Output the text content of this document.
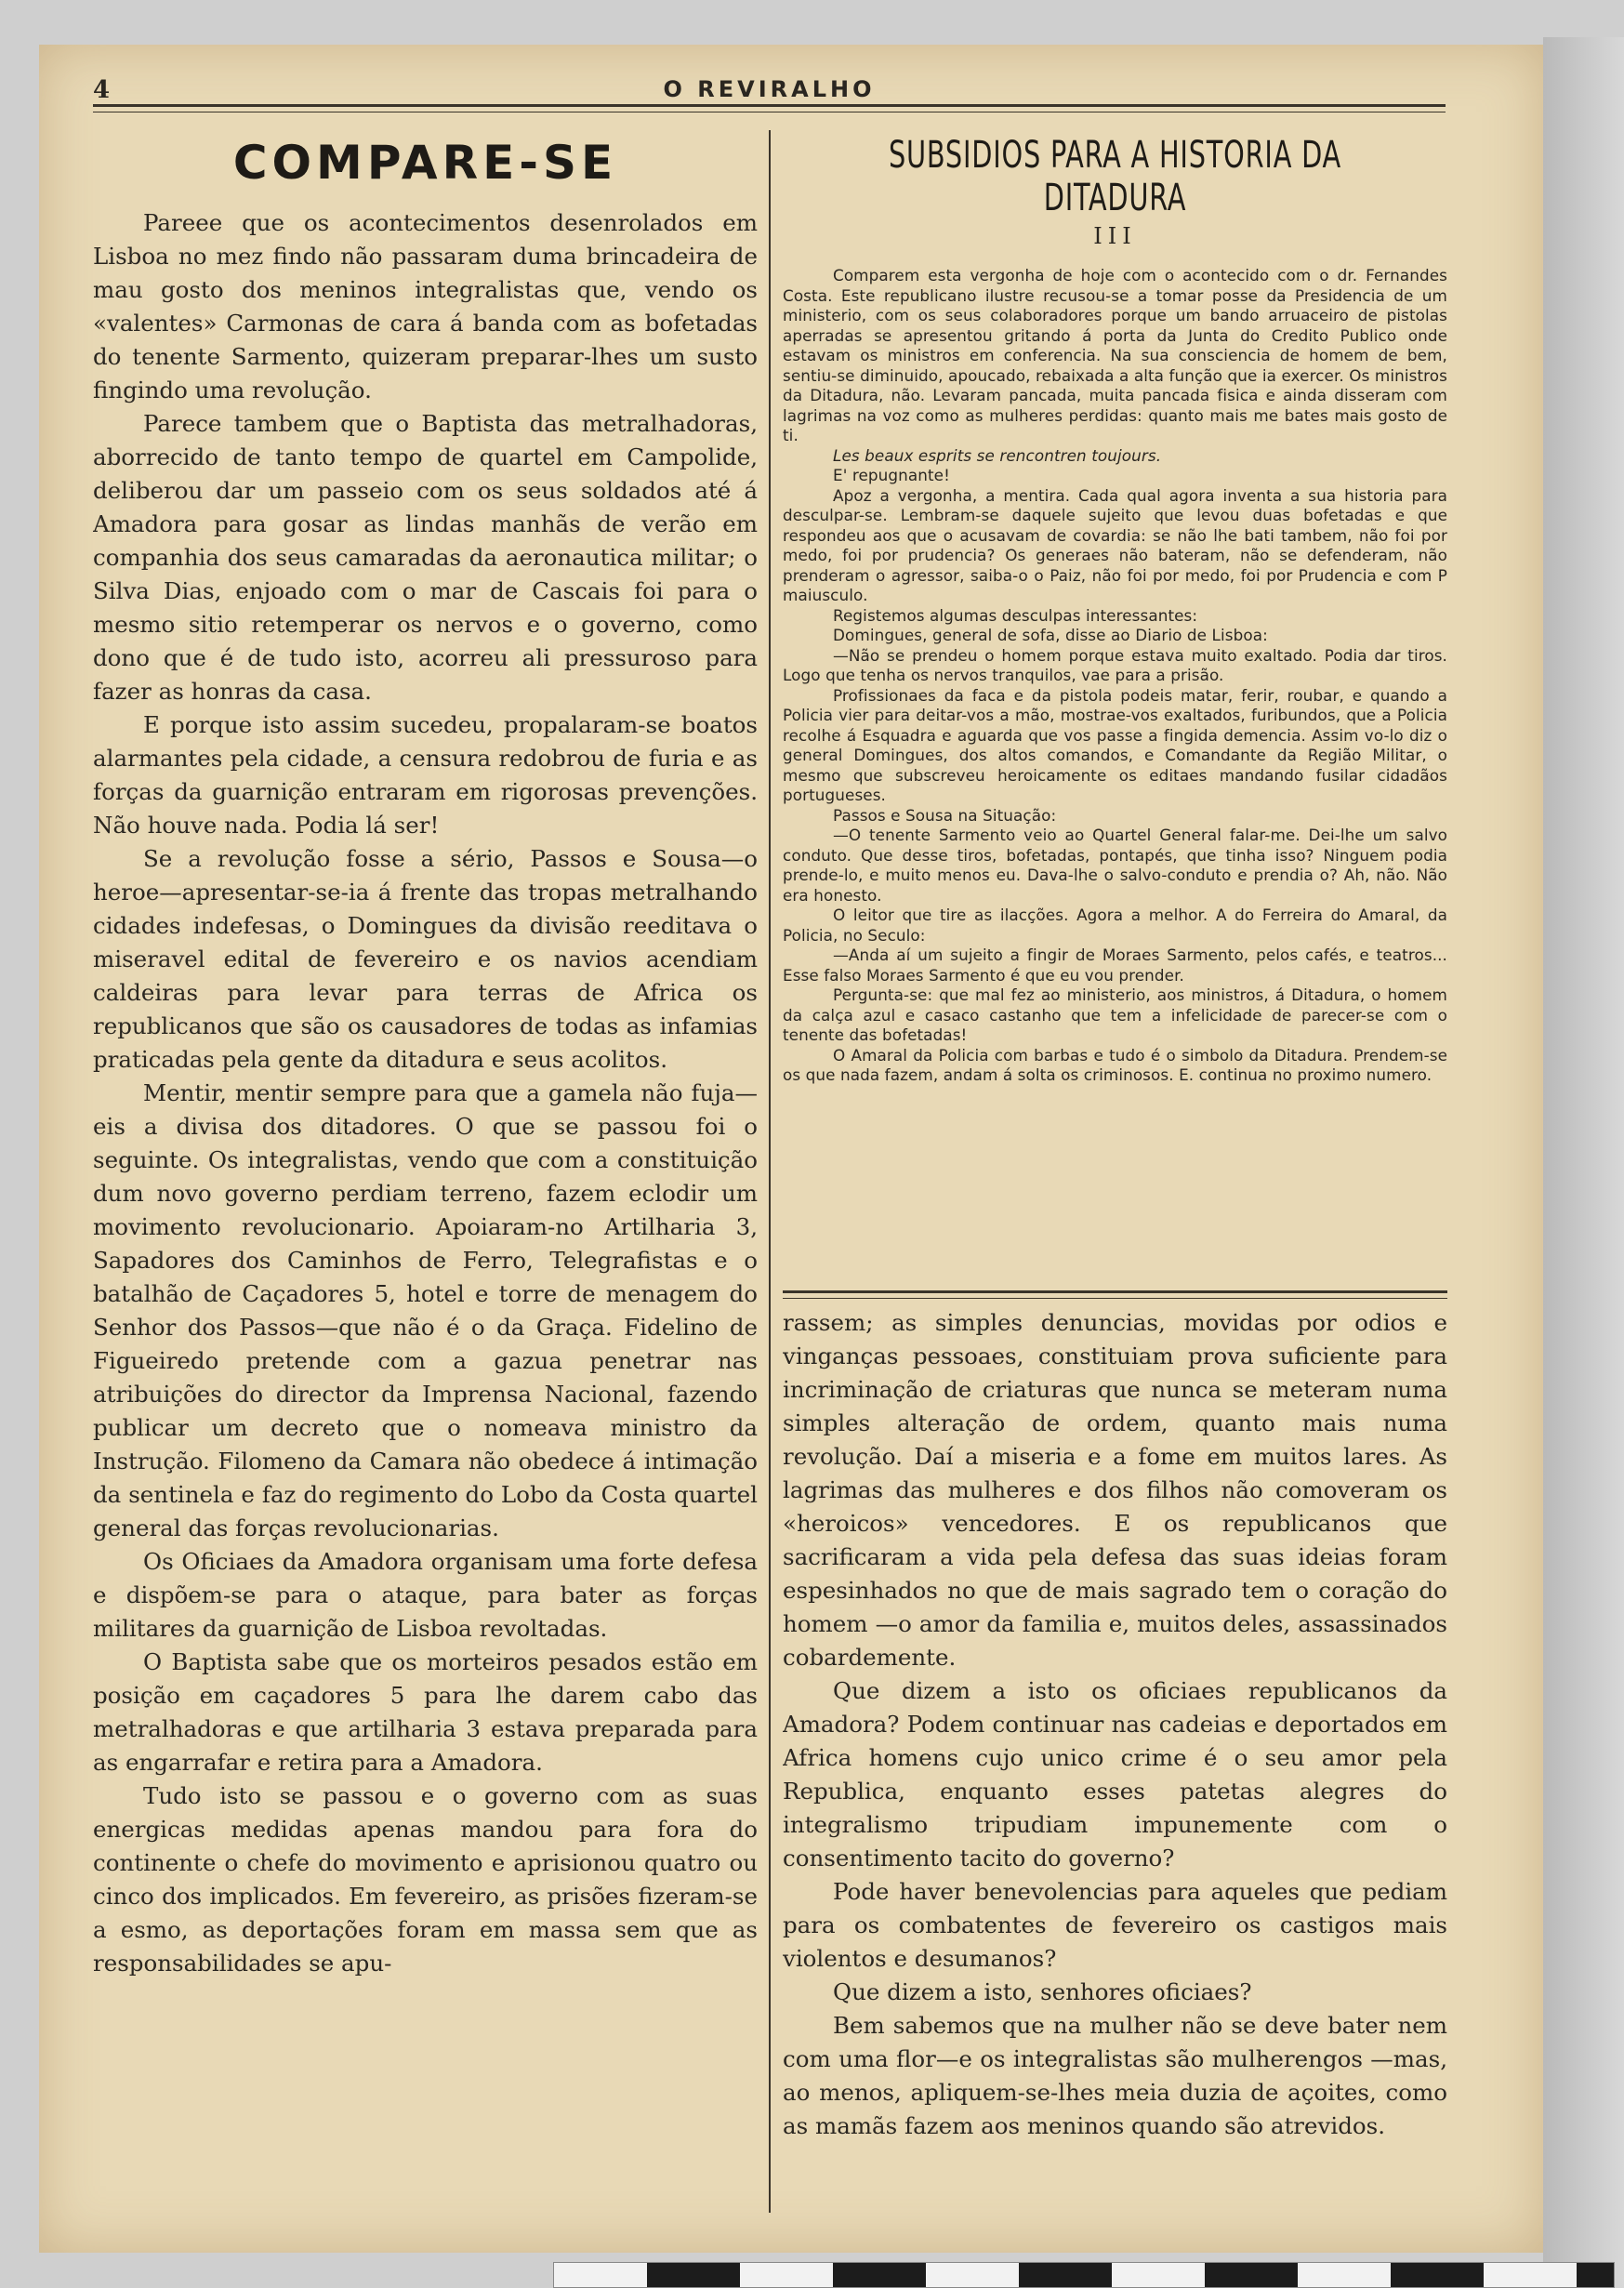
4	O REVIRALHO
COMPARE-SE

Pareee que os acontecimentos desenrolados em Lisboa no mez findo não passaram duma brincadeira de mau gosto dos meninos integralistas que, vendo os «valentes» Carmonas de cara á banda com as bofetadas do tenente Sarmento, quizeram preparar-lhes um susto fingindo uma revolução.

Parece tambem que o Baptista das metralhadoras, aborrecido de tanto tempo de quartel em Campolide, deliberou dar um passeio com os seus soldados até á Amadora para gosar as lindas manhãs de verão em companhia dos seus camaradas da aeronautica militar; o Silva Dias, enjoado com o mar de Cascais foi para o mesmo sitio retemperar os nervos e o governo, como dono que é de tudo isto, acorreu ali pressuroso para fazer as honras da casa.

E porque isto assim sucedeu, propalaram-se boatos alarmantes pela cidade, a censura redobrou de furia e as forças da guarnição entraram em rigorosas prevenções. Não houve nada. Podia lá ser!

Se a revolução fosse a sério, Passos e Sousa—o heroe—apresentar-se-ia á frente das tropas metralhando cidades indefesas, o Domingues da divisão reeditava o miseravel edital de fevereiro e os navios acendiam caldeiras para levar para terras de Africa os republicanos que são os causadores de todas as infamias praticadas pela gente da ditadura e seus acolitos.

Mentir, mentir sempre para que a gamela não fuja—eis a divisa dos ditadores. O que se passou foi o seguinte. Os integralistas, vendo que com a constituição dum novo governo perdiam terreno, fazem eclodir um movimento revolucionario. Apoiaram-no Artilharia 3, Sapadores dos Caminhos de Ferro, Telegrafistas e o batalhão de Caçadores 5, hotel e torre de menagem do Senhor dos Passos—que não é o da Graça. Fidelino de Figueiredo pretende com a gazua penetrar nas atribuições do director da Imprensa Nacional, fazendo publicar um decreto que o nomeava ministro da Instrução. Filomeno da Camara não obedece á intimação da sentinela e faz do regimento do Lobo da Costa quartel general das forças revolucionarias.

Os Oficiaes da Amadora organisam uma forte defesa e dispõem-se para o ataque, para bater as forças militares da guarnição de Lisboa revoltadas.

O Baptista sabe que os morteiros pesados estão em posição em caçadores 5 para lhe darem cabo das metralhadoras e que artilharia 3 estava preparada para as engarrafar e retira para a Amadora.

Tudo isto se passou e o governo com as suas energicas medidas apenas mandou para fora do continente o chefe do movimento e aprisionou quatro ou cinco dos implicados. Em fevereiro, as prisões fizeram-se a esmo, as deportações foram em massa sem que as responsabilidades se apu-

SUBSIDIOS PARA A HISTORIA DA DITADURA
III

Comparem esta vergonha de hoje com o acontecido com o dr. Fernandes Costa. Este republicano ilustre recusou-se a tomar posse da Presidencia de um ministerio, com os seus colaboradores porque um bando arruaceiro de pistolas aperradas se apresentou gritando á porta da Junta do Credito Publico onde estavam os ministros em conferencia. Na sua consciencia de homem de bem, sentiu-se diminuido, apoucado, rebaixada a alta função que ia exercer. Os ministros da Ditadura, não. Levaram pancada, muita pancada fisica e ainda disseram com lagrimas na voz como as mulheres perdidas: quanto mais me bates mais gosto de ti.

Les beaux esprits se rencontren toujours.

E' repugnante!

Apoz a vergonha, a mentira. Cada qual agora inventa a sua historia para desculpar-se. Lembram-se daquele sujeito que levou duas bofetadas e que respondeu aos que o acusavam de covardia: se não lhe bati tambem, não foi por medo, foi por prudencia? Os generaes não bateram, não se defenderam, não prenderam o agressor, saiba-o o Paiz, não foi por medo, foi por Prudencia e com P maiusculo.

Registemos algumas desculpas interessantes:

Domingues, general de sofa, disse ao Diario de Lisboa:

—Não se prendeu o homem porque estava muito exaltado. Podia dar tiros. Logo que tenha os nervos tranquilos, vae para a prisão.

Profissionaes da faca e da pistola podeis matar, ferir, roubar, e quando a Policia vier para deitar-vos a mão, mostrae-vos exaltados, furibundos, que a Policia recolhe á Esquadra e aguarda que vos passe a fingida demencia. Assim vo-lo diz o general Domingues, dos altos comandos, e Comandante da Região Militar, o mesmo que subscreveu heroicamente os editaes mandando fusilar cidadãos portugueses.

Passos e Sousa na Situação:

—O tenente Sarmento veio ao Quartel General falar-me. Dei-lhe um salvo conduto. Que desse tiros, bofetadas, pontapés, que tinha isso? Ninguem podia prende-lo, e muito menos eu. Dava-lhe o salvo-conduto e prendia o? Ah, não. Não era honesto.

O leitor que tire as ilacções. Agora a melhor. A do Ferreira do Amaral, da Policia, no Seculo:

—Anda aí um sujeito a fingir de Moraes Sarmento, pelos cafés, e teatros... Esse falso Moraes Sarmento é que eu vou prender.

Pergunta-se: que mal fez ao ministerio, aos ministros, á Ditadura, o homem da calça azul e casaco castanho que tem a infelicidade de parecer-se com o tenente das bofetadas!

O Amaral da Policia com barbas e tudo é o simbolo da Ditadura. Prendem-se os que nada fazem, andam á solta os criminosos. E. continua no proximo numero.

rassem; as simples denuncias, movidas por odios e vinganças pessoaes, constituiam prova suficiente para incriminação de criaturas que nunca se meteram numa simples alteração de ordem, quanto mais numa revolução. Daí a miseria e a fome em muitos lares. As lagrimas das mulheres e dos filhos não comoveram os «heroicos» vencedores. E os republicanos que sacrificaram a vida pela defesa das suas ideias foram espesinhados no que de mais sagrado tem o coração do homem —o amor da familia e, muitos deles, assassinados cobardemente.

Que dizem a isto os oficiaes republicanos da Amadora? Podem continuar nas cadeias e deportados em Africa homens cujo unico crime é o seu amor pela Republica, enquanto esses patetas alegres do integralismo tripudiam impunemente com o consentimento tacito do governo?

Pode haver benevolencias para aqueles que pediam para os combatentes de fevereiro os castigos mais violentos e desumanos?

Que dizem a isto, senhores oficiaes?

Bem sabemos que na mulher não se deve bater nem com uma flor—e os integralistas são mulherengos —mas, ao menos, apliquem-se-lhes meia duzia de açoites, como as mamãs fazem aos meninos quando são atrevidos.
